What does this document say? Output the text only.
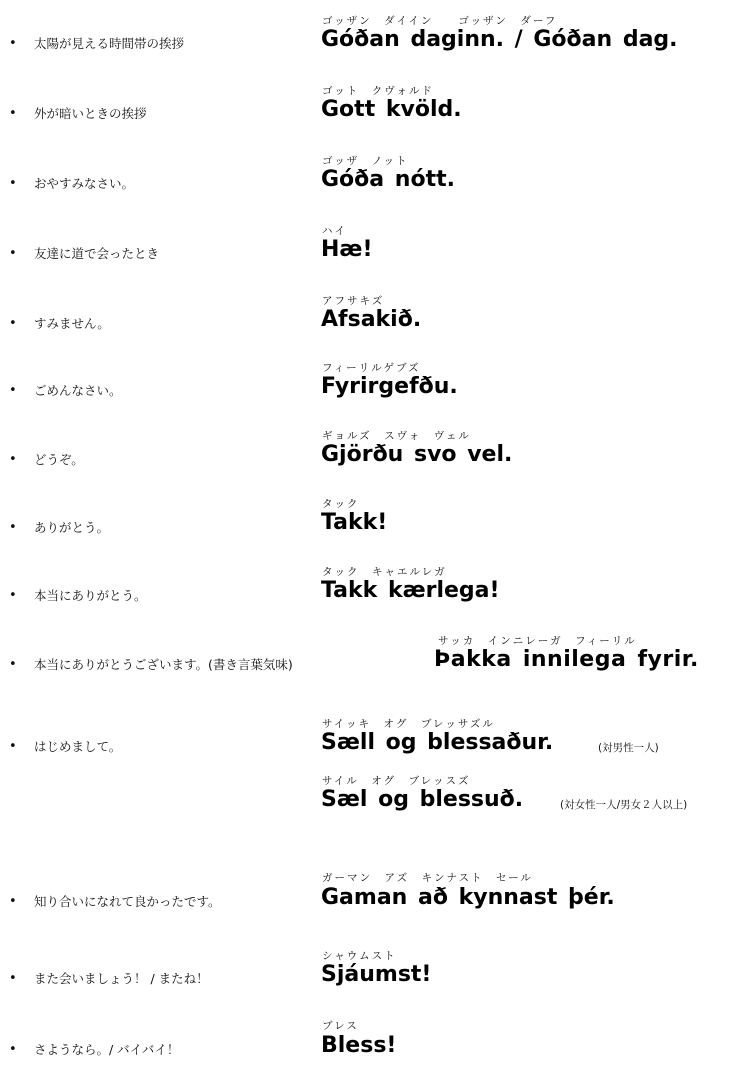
• 太陽が見える時間帯の挨拶
ゴッザン　ダイイン　　ゴッザン　ダーフ
Góðan daginn. / Góðan dag.
• 外が暗いときの挨拶
ゴット　クヴォルド
Gott kvöld.
• おやすみなさい。
ゴッザ　ノット
Góða nótt.
• 友達に道で会ったとき
ハイ
Hæ!
• すみません。
アフサキズ
Afsakið.
• ごめんなさい。
フィーリルゲブズ
Fyrirgefðu.
• どうぞ。
ギョルズ　スヴォ　ヴェル
Gjörðu svo vel.
• ありがとう。
タック
Takk!
• 本当にありがとう。
タック　キャエルレガ
Takk kærlega!
• 本当にありがとうございます。(書き言葉気味)
サッカ　インニレーガ　フィーリル
Þakka innilega fyrir.
• はじめまして。
サイッキ　オグ　ブレッサズル
Sæll og blessaður.	(対男性一人)
サイル　オグ　ブレッスズ
Sæl og blessuð.	(対女性一人/男女２人以上)
• 知り合いになれて良かったです。
ガーマン　アズ　キンナスト　セール
Gaman að kynnast þér.
• また会いましょう！ / またね！
シャウムスト
Sjáumst!
• さようなら。/ バイバイ！
ブレス
Bless!
